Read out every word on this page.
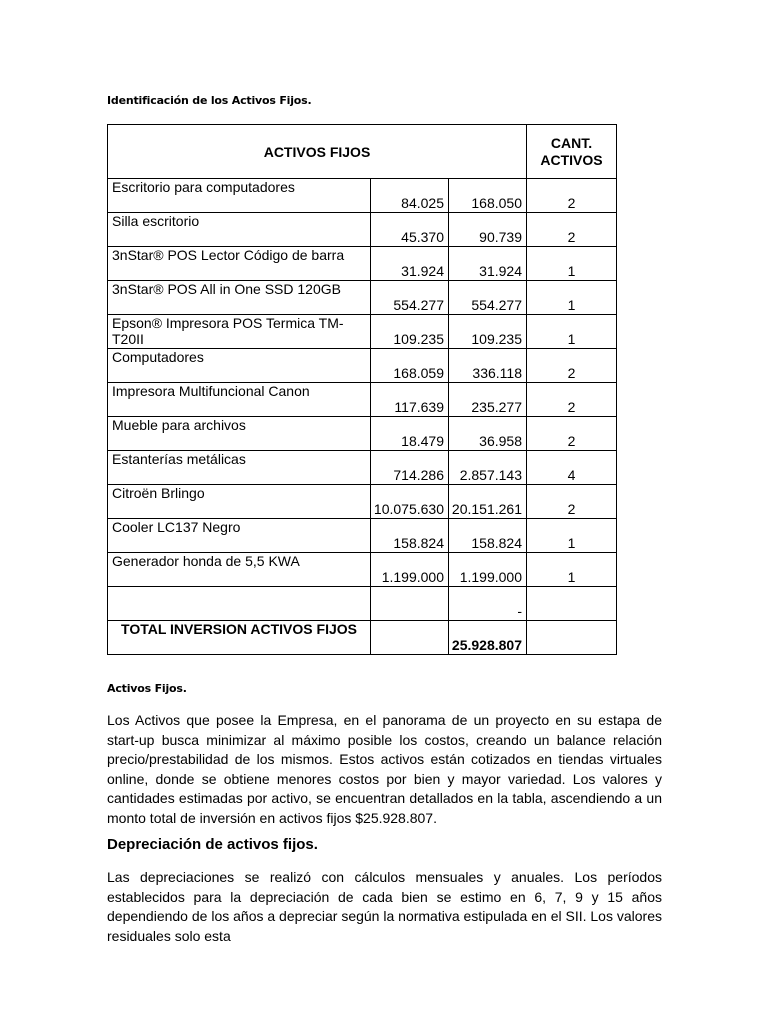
Identificación de los Activos Fijos.
ACTIVOS FIJOS			CANT.
ACTIVOS

Escritorio para computadores	84.025	168.050	2
Silla escritorio	45.370	90.739	2
3nStar® POS Lector Código de barra	31.924	31.924	1
3nStar® POS All in One SSD 120GB	554.277	554.277	1
Epson® Impresora POS Termica TM-T20II	109.235	109.235	1
Computadores	168.059	336.118	2
Impresora Multifuncional Canon	117.639	235.277	2
Mueble para archivos	18.479	36.958	2
Estanterías metálicas	714.286	2.857.143	4
Citroën Brlingo	10.075.630	20.151.261	2
Cooler LC137 Negro	158.824	158.824	1
Generador honda de 5,5 KWA	1.199.000	1.199.000	1
		-	
TOTAL INVERSION ACTIVOS FIJOS		25.928.807	
Activos Fijos.
Los Activos que posee la Empresa, en el panorama de un proyecto en su estapa de start-up busca minimizar al máximo posible los costos, creando un balance relación precio/prestabilidad de los mismos. Estos activos están cotizados en tiendas virtuales online, donde se obtiene menores costos por bien y mayor variedad. Los valores y cantidades estimadas por activo, se encuentran detallados en la tabla, ascendiendo a un monto total de inversión en activos fijos $25.928.807.
Depreciación de activos fijos.
Las depreciaciones se realizó con cálculos mensuales y anuales. Los períodos establecidos para la depreciación de cada bien se estimo en 6, 7, 9 y 15 años dependiendo de los años a depreciar según la normativa estipulada en el SII. Los valores residuales solo esta
